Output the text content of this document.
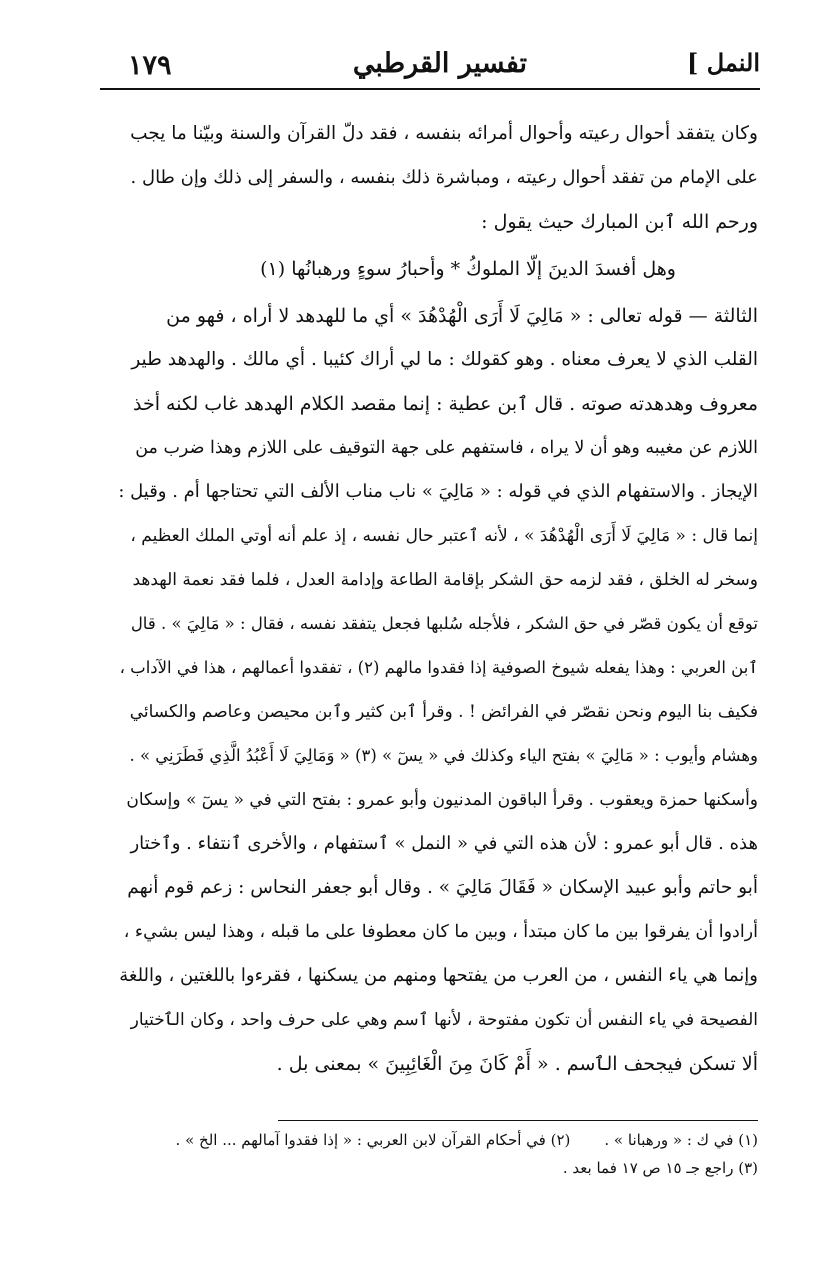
١٧٩	تفسير القرطبي	النمل ]
وكان يتفقد أحوال رعيته وأحوال أمرائه بنفسه ، فقد دلّ القرآن والسنة وبيّنا ما يجب
على الإمام من تفقد أحوال رعيته ، ومباشرة ذلك بنفسه ، والسفر إلى ذلك وإن طال .
ورحم الله ٱبن المبارك حيث يقول :
وهل أفسدَ الدينَ إلّا الملوكُ * وأحبارُ سوءٍ ورهبانُها (١)
الثالثة — قوله تعالى : « مَالِيَ لَا أَرَى الْهُدْهُدَ » أي ما للهدهد لا أراه ، فهو من
القلب الذي لا يعرف معناه . وهو كقولك : ما لي أراك كئيبا . أي مالك . والهدهد طير
معروف وهدهدته صوته . قال ٱبن عطية : إنما مقصد الكلام الهدهد غاب لكنه أخذ
اللازم عن مغيبه وهو أن لا يراه ، فاستفهم على جهة التوقيف على اللازم وهذا ضرب من
الإيجاز . والاستفهام الذي في قوله : « مَالِيَ » ناب مناب الألف التي تحتاجها أم . وقيل :
إنما قال : « مَالِيَ لَا أَرَى الْهُدْهُدَ » ، لأنه ٱعتبر حال نفسه ، إذ علم أنه أوتي الملك العظيم ،
وسخر له الخلق ، فقد لزمه حق الشكر بإقامة الطاعة وإدامة العدل ، فلما فقد نعمة الهدهد
توقع أن يكون قصّر في حق الشكر ، فلأجله سُلبها فجعل يتفقد نفسه ، فقال : « مَالِيَ » . قال
ٱبن العربي : وهذا يفعله شيوخ الصوفية إذا فقدوا مالهم (٢) ، تفقدوا أعمالهم ، هذا في الآداب ،
فكيف بنا اليوم ونحن نقصّر في الفرائض ! . وقرأ ٱبن كثير وٱبن محيصن وعاصم والكسائي
وهشام وأيوب : « مَالِيَ » بفتح الياء وكذلك في « يسٓ » (٣) « وَمَالِيَ لَا أَعْبُدُ الَّذِي فَطَرَنِي » .
وأسكنها حمزة ويعقوب . وقرأ الباقون المدنيون وأبو عمرو : بفتح التي في « يسٓ » وإسكان
هذه . قال أبو عمرو : لأن هذه التي في « النمل » ٱستفهام ، والأخرى ٱنتفاء . وٱختار
أبو حاتم وأبو عبيد الإسكان « فَقَالَ مَالِيَ » . وقال أبو جعفر النحاس : زعم قوم أنهم
أرادوا أن يفرقوا بين ما كان مبتدأ ، وبين ما كان معطوفا على ما قبله ، وهذا ليس بشيء ،
وإنما هي ياء النفس ، من العرب من يفتحها ومنهم من يسكنها ، فقرءوا باللغتين ، واللغة
الفصيحة في ياء النفس أن تكون مفتوحة ، لأنها ٱسم وهي على حرف واحد ، وكان الٱختيار
ألا تسكن فيجحف الٱسم . « أَمْ كَانَ مِنَ الْغَائِبِينَ » بمعنى بل .
(١) في ك : « ورهبانا » .
(٢) في أحكام القرآن لابن العربي : « إذا فقدوا آمالهم ... الخ » .
(٣) راجع جـ ١٥ ص ١٧ فما بعد .
